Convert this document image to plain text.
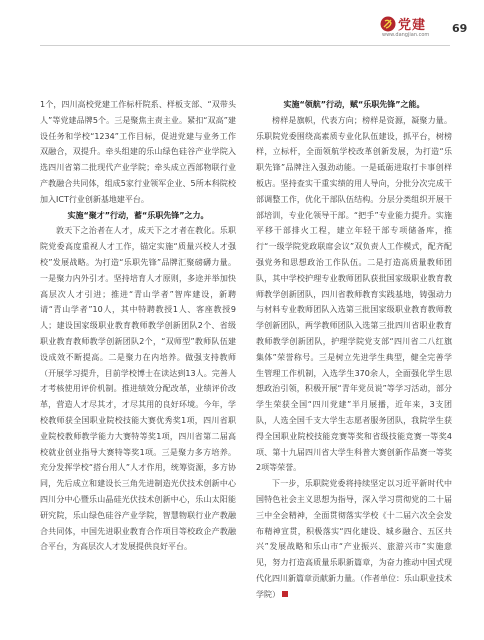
党建
www.dangjian.com 69

1个，四川高校党建工作标杆院系、样板支部、“双带头人”等党建品牌5个。三是聚焦主责主业。紧扣“双高”建设任务和学校“1234”工作目标，促进党建与业务工作双融合，双提升。牵头组建的乐山绿色硅谷产业学院入选四川省第二批现代产业学院；牵头成立西部物联行业产教融合共同体，组成5家行业领军企业、5所本科院校加入ICT行业创新基地建平台。

实施“聚才”行动，蓄“乐职先锋”之力。

敦天下之治者在人才，成天下之才者在教化。乐职院党委高度重视人才工作，锚定实施“质量兴校人才强校”发展战略。为打造“乐职先锋”品牌汇聚磅礴力量。一是聚力内外引才。坚持培育人才原则，多途并举加快高层次人才引进；推进“青山学者”智库建设，新聘请“青山学者”10人，其中特聘教授1人、客座教授9人；建设国家级职业教育教师教学创新团队2个、省级职业教育教师教学创新团队2个，“双师型”教师队伍建设成效不断提高。二是聚力在内培养。做强支持教师（开展学习提升，目前学校博士在读达到13人。完善人才考核使用评价机制。推进绩效分配改革，业绩评价改革，营造人才尽其才，才尽其用的良好环境。今年，学校教师获全国职业院校技能大赛优秀奖1项，四川省职业院校教师教学能力大赛特等奖1项，四川省第二届高校就业创业指导大赛特等奖1项。三是聚力多方培养。充分发挥学校“搭台用人”人才作用，统筹资源，多方协同，先后成立和建设长三角先进制造光伏技术创新中心四川分中心暨乐山晶硅光伏技术创新中心，乐山太阳能研究院，乐山绿色硅谷产业学院，智慧物联行业产教融合共同体，中国先进职业教育合作项目等校政企产教融合平台，为高层次人才发展提供良好平台。

实施“领航”行动，赋“乐职先锋”之能。

榜样是旗帜，代表方向；榜样是资源，凝聚力量。乐职院党委围绕高素质专业化队伍建设，抓平台，树榜样，立标杆，全面领航学校改革创新发展，为打造“乐职先锋”品牌注入强劲动能。一是砥砺进取打卡事创样板店。坚持查实干重实绩的用人导向，分批分次完成干部调整工作，优化干部队伍结构。分层分类组织开展干部培训，专业化领导干部。“把手”专业能力提升。实施平移干部排火工程，建立年轻干部专项储备库，推行“一级学院党政联席会议”双负责人工作模式，配齐配强党务和思想政治工作队伍。二是打造高质量教师团队，其中学校护理专业教师团队获批国家级职业教育教师教学创新团队，四川省教师教育实践基地，铸强动力与材料专业教师团队入选第三批国家级职业教育教师教学创新团队，两学教师团队入选第三批四川省职业教育教师教学创新团队，护理学院党支部“四川省二八红旗集体”荣誉称号。三是树立先进学生典型，健全完善学生管理工作机制，入选学生370余人，全面强化学生思想政治引领，积极开展“青年党员说”等学习活动，部分学生荣获全国“四川党建”半月展播，近年来，3支团队，人选全国千支大学生志愿者服务团队，我院学生获得全国职业院校技能竞赛等奖和省级技能竞赛一等奖4项、第十九届四川省大学生科普大赛创新作品赛一等奖2项等荣誉。

下一步，乐职院党委将持续坚定以习近平新时代中国特色社会主义思想为指导，深入学习贯彻党的二十届三中全会精神，全面贯彻落实学校《十二届六次全会发布精神宣贯，积极落实“四化建设、城乡融合、五区共兴”发展战略和乐山市“产业振兴、旅游兴市”实施意见，努力打造高质量乐职新篇章，为奋力推动中国式现代化四川新篇章贡献新力量。（作者单位：乐山职业技术学院）
